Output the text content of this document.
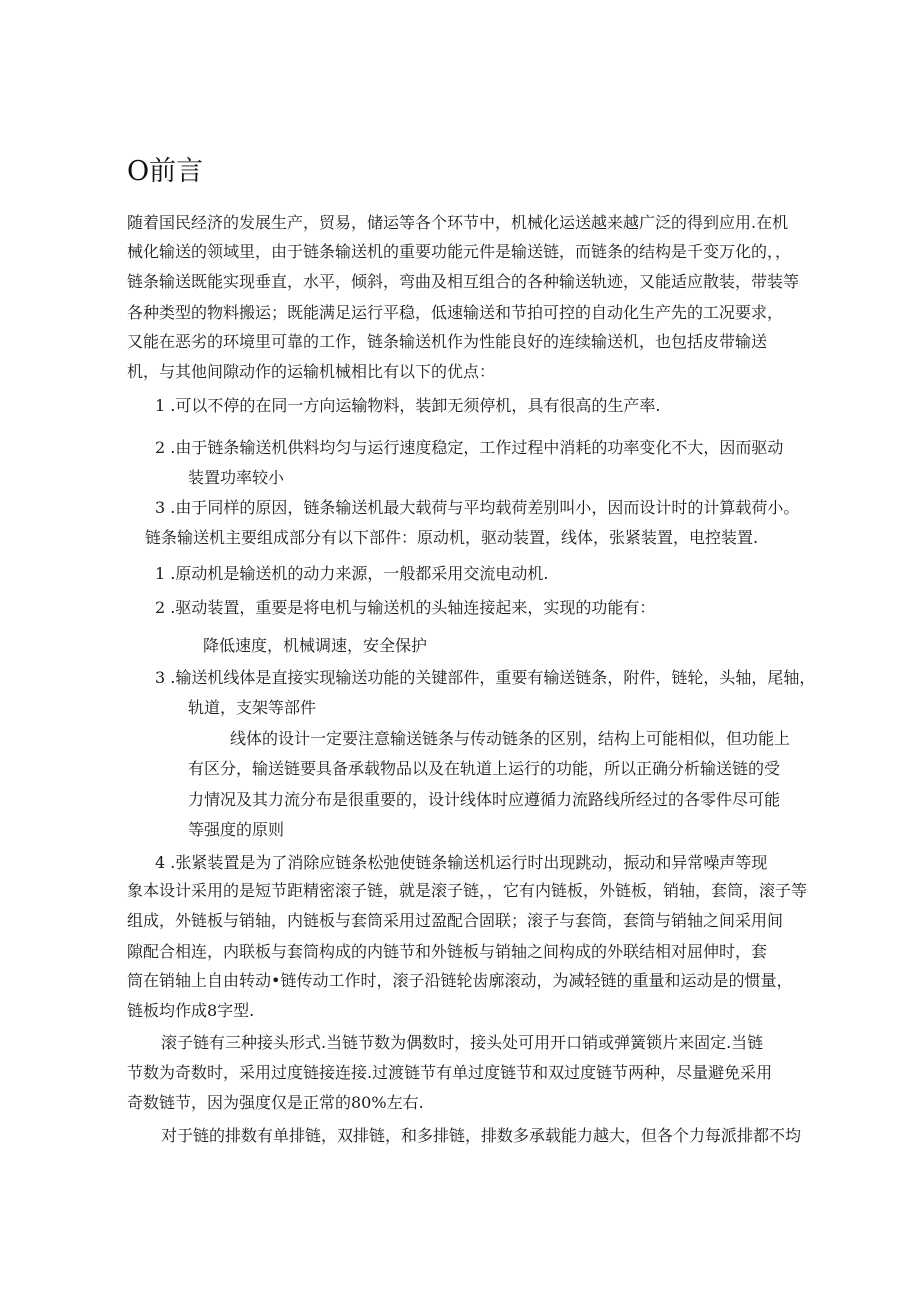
O前言
随着国民经济的发展生产，贸易，储运等各个环节中，机械化运送越来越广泛的得到应用.在机
械化输送的领域里，由于链条输送机的重要功能元件是输送链，而链条的结构是千变万化的，，
链条输送既能实现垂直，水平，倾斜，弯曲及相互组合的各种输送轨迹，又能适应散装，带装等
各种类型的物料搬运；既能满足运行平稳，低速输送和节拍可控的自动化生产先的工况要求，
又能在恶劣的环境里可靠的工作，链条输送机作为性能良好的连续输送机，也包括皮带输送
机，与其他间隙动作的运输机械相比有以下的优点：
1 .可以不停的在同一方向运输物料，装卸无须停机，具有很高的生产率.
2 .由于链条输送机供料均匀与运行速度稳定，工作过程中消耗的功率变化不大，因而驱动
装置功率较小
3 .由于同样的原因，链条输送机最大载荷与平均载荷差别叫小，因而设计时的计算载荷小。
链条输送机主要组成部分有以下部件：原动机，驱动装置，线体，张紧装置，电控装置.
1 .原动机是输送机的动力来源，一般都采用交流电动机.
2 .驱动装置，重要是将电机与输送机的头轴连接起来，实现的功能有：
降低速度，机械调速，安全保护
3 .输送机线体是直接实现输送功能的关键部件，重要有输送链条，附件，链轮，头轴，尾轴，
轨道，支架等部件
线体的设计一定要注意输送链条与传动链条的区别，结构上可能相似，但功能上
有区分，输送链要具备承载物品以及在轨道上运行的功能，所以正确分析输送链的受
力情况及其力流分布是很重要的，设计线体时应遵循力流路线所经过的各零件尽可能
等强度的原则
4 .张紧装置是为了消除应链条松弛使链条输送机运行时出现跳动，振动和异常噪声等现
象本设计采用的是短节距精密滚子链，就是滚子链，，它有内链板，外链板，销轴，套筒，滚子等
组成，外链板与销轴，内链板与套筒采用过盈配合固联；滚子与套筒，套筒与销轴之间采用间
隙配合相连，内联板与套筒构成的内链节和外链板与销轴之间构成的外联结相对屈伸时，套
筒在销轴上自由转动•链传动工作时，滚子沿链轮齿廓滚动，为减轻链的重量和运动是的惯量，
链板均作成8字型.
滚子链有三种接头形式.当链节数为偶数时，接头处可用开口销或弹簧锁片来固定.当链
节数为奇数时，采用过度链接连接.过渡链节有单过度链节和双过度链节两种，尽量避免采用
奇数链节，因为强度仅是正常的80%左右.
对于链的排数有单排链，双排链，和多排链，排数多承载能力越大，但各个力每派排都不均
